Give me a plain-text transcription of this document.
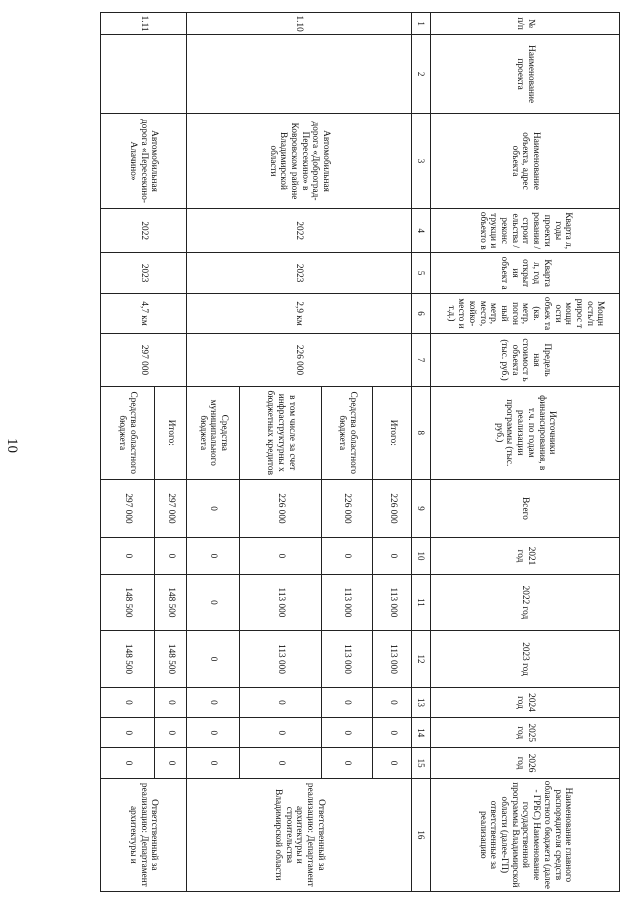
10
№ п/п	Наименование проекта	Наименование объекта, адрес объекта	Кварта л, годы проекти рования /строит ельства /реконс трукци и объекто в	Кварта л, год открыт ия объект а	Мощн ость/п рирос т мощн ости объек та (кв. метр, погон ный метр, место, койко-место и т.д.)	Предель ная стоимост ь объекта (тыс. руб.)	Источники финансирования, в т.ч. по годам реализации программы (тыс. руб.)	Всего	2021 год	2022 год	2023 год	2024 год	2025 год	2026 год	Наименование главного распорядителя средств областного бюджета (далее - ГРБС) Наименование государственной программы Владимирской области (далее-ГП) ответственные за реализацию
1	2	3	4	5	6	7	8	9	10	11	12	13	14	15	16
1.10		Автомобильная дорога «Доброград-Пересекино» в Ковровском районе Владимирской области	2022	2023	2,9 км	226 000	Итого:	226 000	0	113 000	113 000	0	0	0	Ответственный за реализацию: Департамент архитектуры и строительства Владимирской области
							Средства областного бюджета	226 000	0	113 000	113 000	0	0	0	
							в том числе за счет инфраструктурны х бюджетных кредитов	226 000	0	113 000	113 000	0	0	0	
							Средства муниципального бюджета	0	0	0	0	0	0	0	
1.11		Автомобильная дорога «Пересекино-Алачино»	2022	2023	4,7 км	297 000	Итого:	297 000	0	148 500	148 500	0	0	0	Ответственный за реализацию: Департамент архитектуры и
							Средства областного бюджета	297 000	0	148 500	148 500	0	0	0	
